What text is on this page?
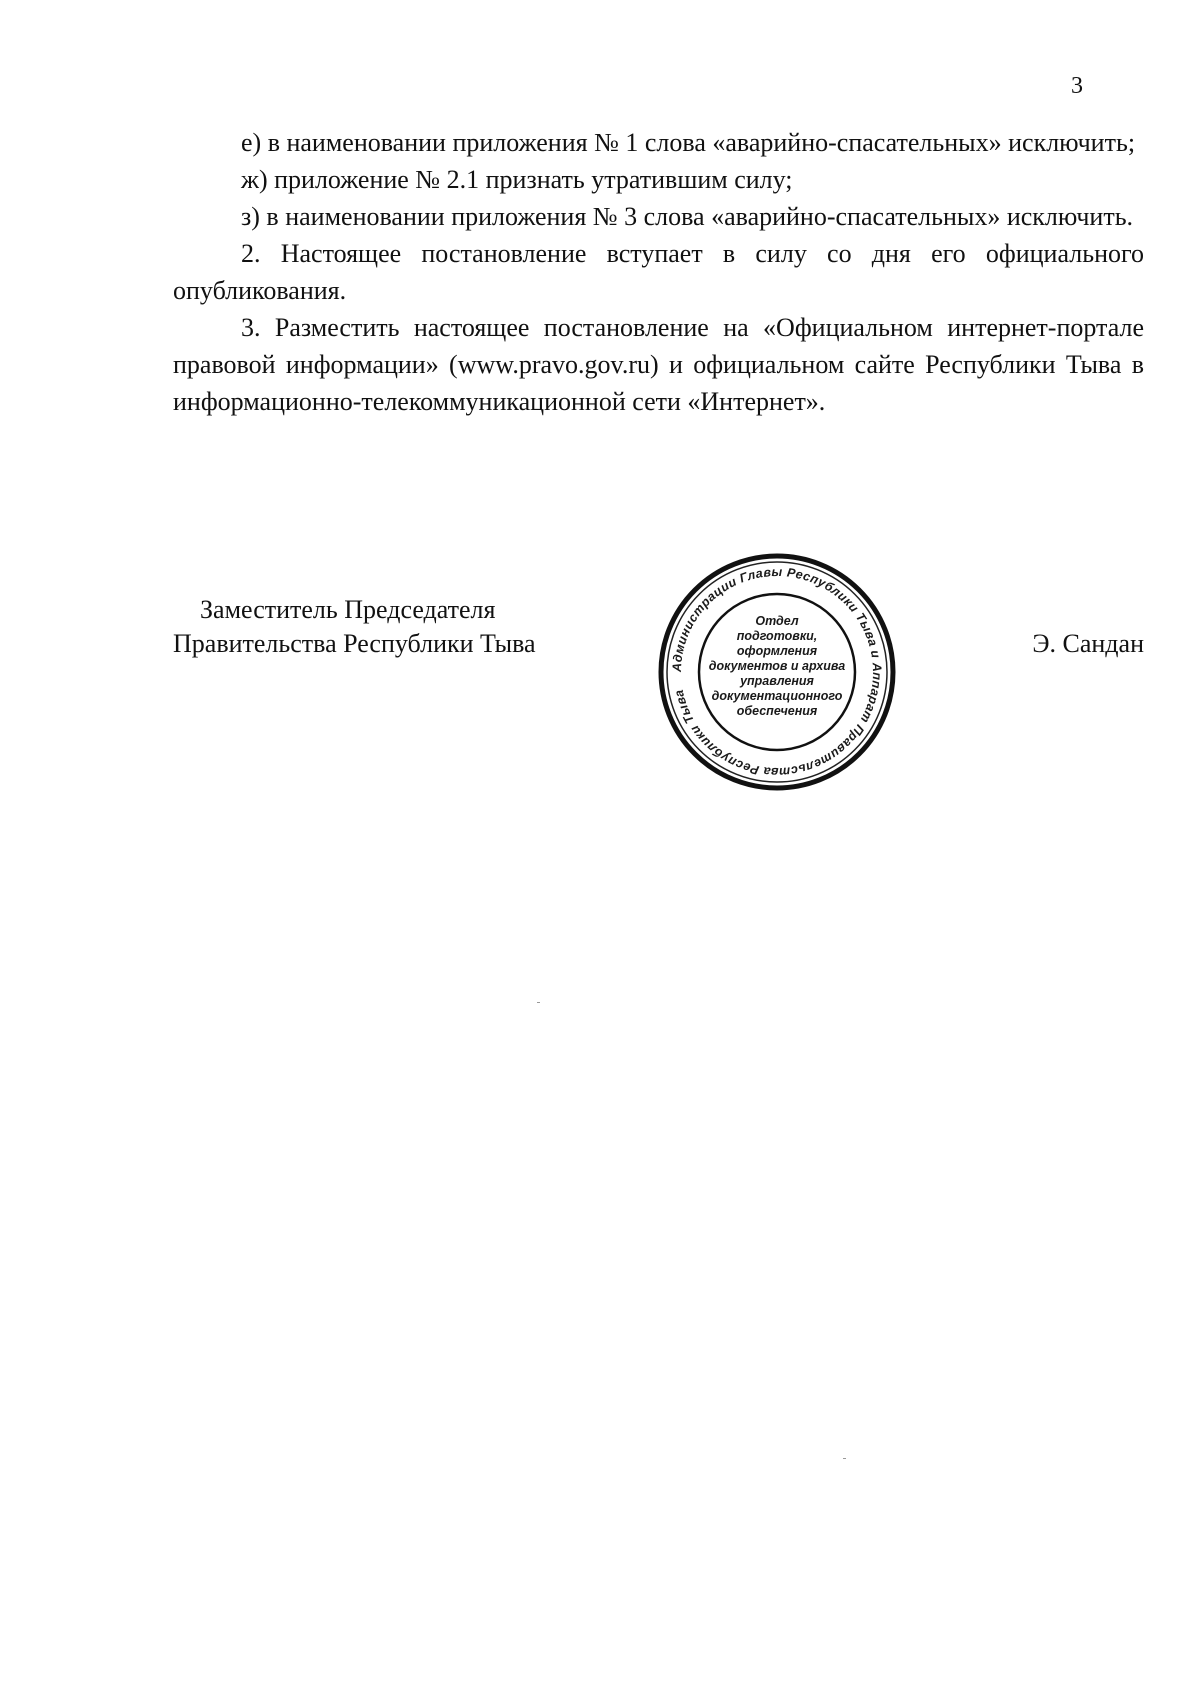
3

е) в наименовании приложения № 1 слова «аварийно-спасательных» исключить;

ж) приложение № 2.1 признать утратившим силу;

з) в наименовании приложения № 3 слова «аварийно-спасательных» исключить.

2. Настоящее постановление вступает в силу со дня его официального опубликования.

3. Разместить настоящее постановление на «Официальном интернет-портале правовой информации» (www.pravo.gov.ru) и официальном сайте Республики Тыва в информационно-телекоммуникационной сети «Интернет».

Заместитель Председателя
Правительства Республики Тыва	Э. Сандан
Администрации Главы Республики Тыва и Аппарат Правительства Республики Тыва
Отдел
подготовки,
оформления
документов и архива
управления
документационного
обеспечения
